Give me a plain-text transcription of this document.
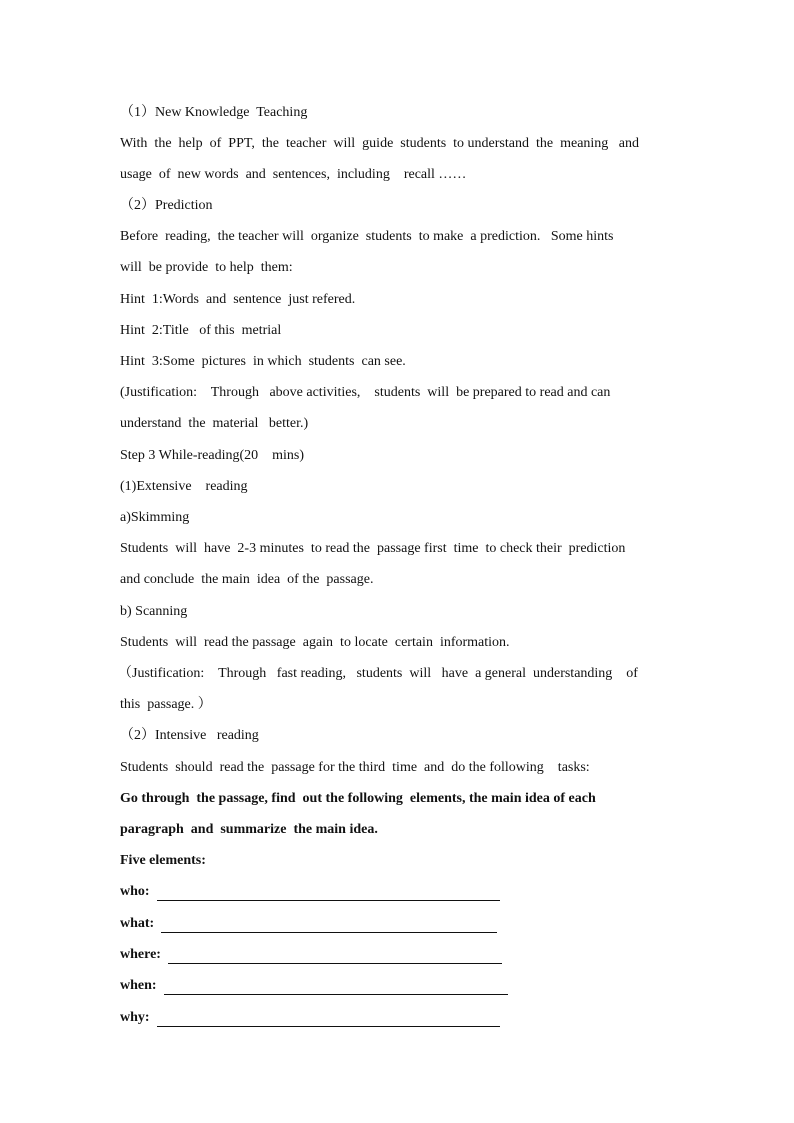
（1）New Knowledge  Teaching
With  the  help  of  PPT,  the  teacher  will  guide  students  to understand  the  meaning   and
usage  of  new words  and  sentences,  including    recall ……
（2）Prediction
Before  reading,  the teacher will  organize  students  to make  a prediction.   Some hints
will  be provide  to help  them:
Hint  1:Words  and  sentence  just refered.
Hint  2:Title   of this  metrial
Hint  3:Some  pictures  in which  students  can see.
(Justification:    Through   above activities,    students  will  be prepared to read and can
understand  the  material   better.)
Step 3 While-reading(20    mins)
(1)Extensive    reading
a)Skimming
Students  will  have  2-3 minutes  to read the  passage first  time  to check their  prediction
and conclude  the main  idea  of the  passage.
b) Scanning
Students  will  read the passage  again  to locate  certain  information.
（Justification:    Through   fast reading,   students  will   have  a general  understanding    of
this  passage. ）
（2）Intensive   reading
Students  should  read the  passage for the third  time  and  do the following    tasks:
Go through  the passage, find  out the following  elements, the main idea of each
paragraph  and  summarize  the main idea.
Five elements:
who:
what:
where:
when:
why:
